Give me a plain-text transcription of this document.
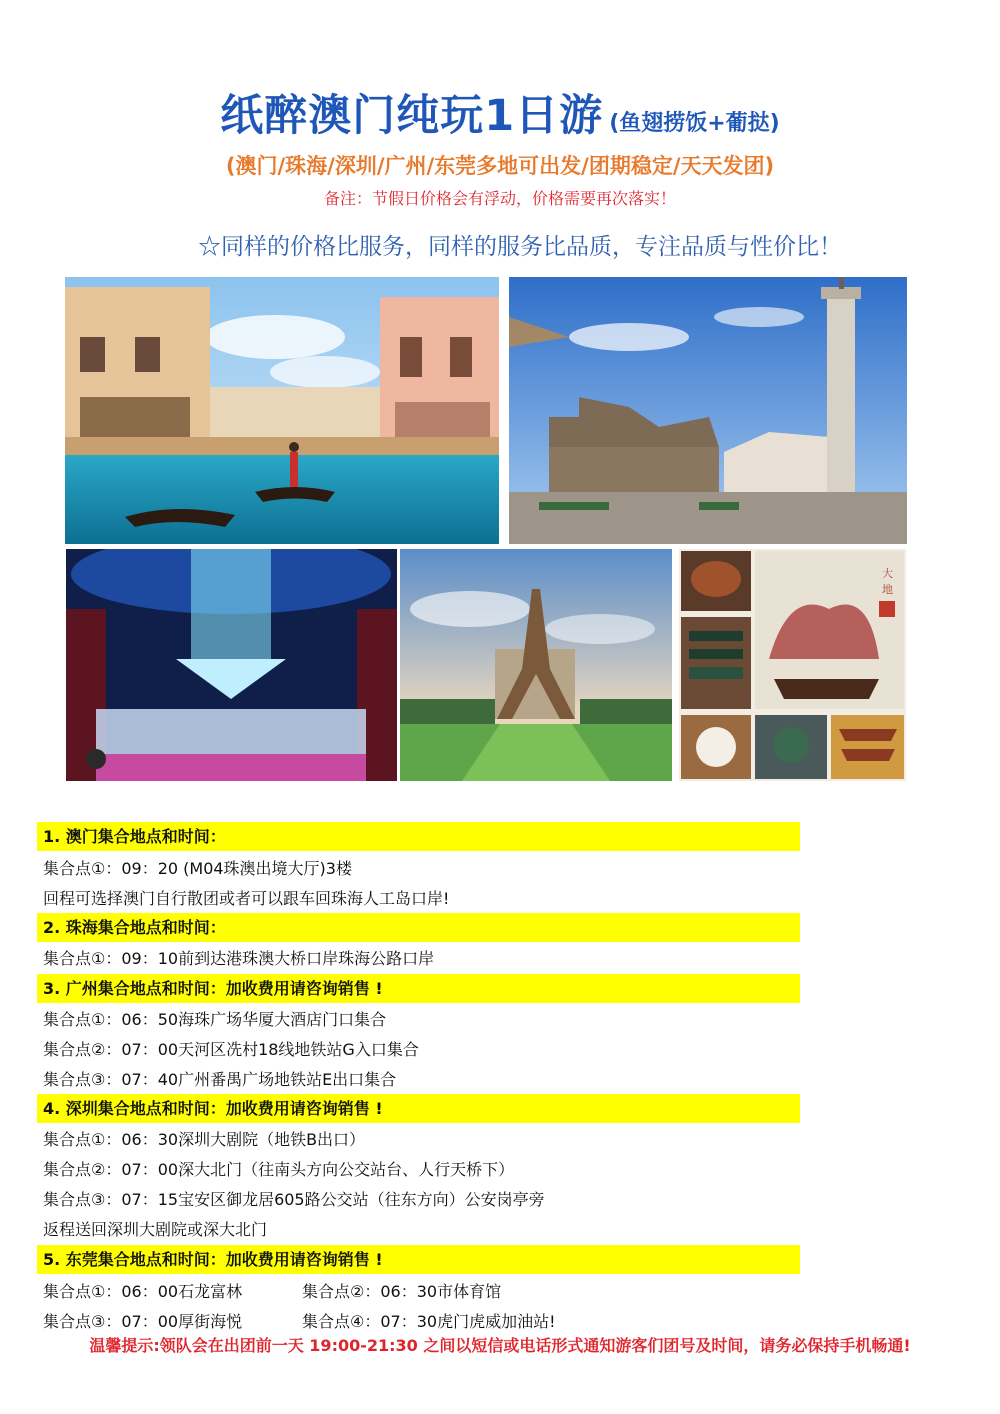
纸醉澳门纯玩1日游 (鱼翅捞饭+葡挞)
(澳门/珠海/深圳/广州/东莞多地可出发/团期稳定/天天发团)
备注：节假日价格会有浮动，价格需要再次落实！
☆同样的价格比服务，同样的服务比品质，专注品质与性价比！
大
地
1. 澳门集合地点和时间：
集合点①：09：20 (M04珠澳出境大厅)3楼
回程可选择澳门自行散团或者可以跟车回珠海人工岛口岸!
2. 珠海集合地点和时间：
集合点①：09：10前到达港珠澳大桥口岸珠海公路口岸
3. 广州集合地点和时间：加收费用请咨询销售 !
集合点①：06：50海珠广场华厦大酒店门口集合
集合点②：07：00天河区冼村18线地铁站G入口集合
集合点③：07：40广州番禺广场地铁站E出口集合
4. 深圳集合地点和时间：加收费用请咨询销售 !
集合点①：06：30深圳大剧院（地铁B出口）
集合点②：07：00深大北门（往南头方向公交站台、人行天桥下）
集合点③：07：15宝安区御龙居605路公交站（往东方向）公安岗亭旁
返程送回深圳大剧院或深大北门
5. 东莞集合地点和时间：加收费用请咨询销售 !
集合点①：06：00石龙富林	集合点②：06：30市体育馆
集合点③：07：00厚街海悦	集合点④：07：30虎门虎威加油站!
温馨提示:领队会在出团前一天 19:00-21:30 之间以短信或电话形式通知游客们团号及时间，请务必保持手机畅通!
